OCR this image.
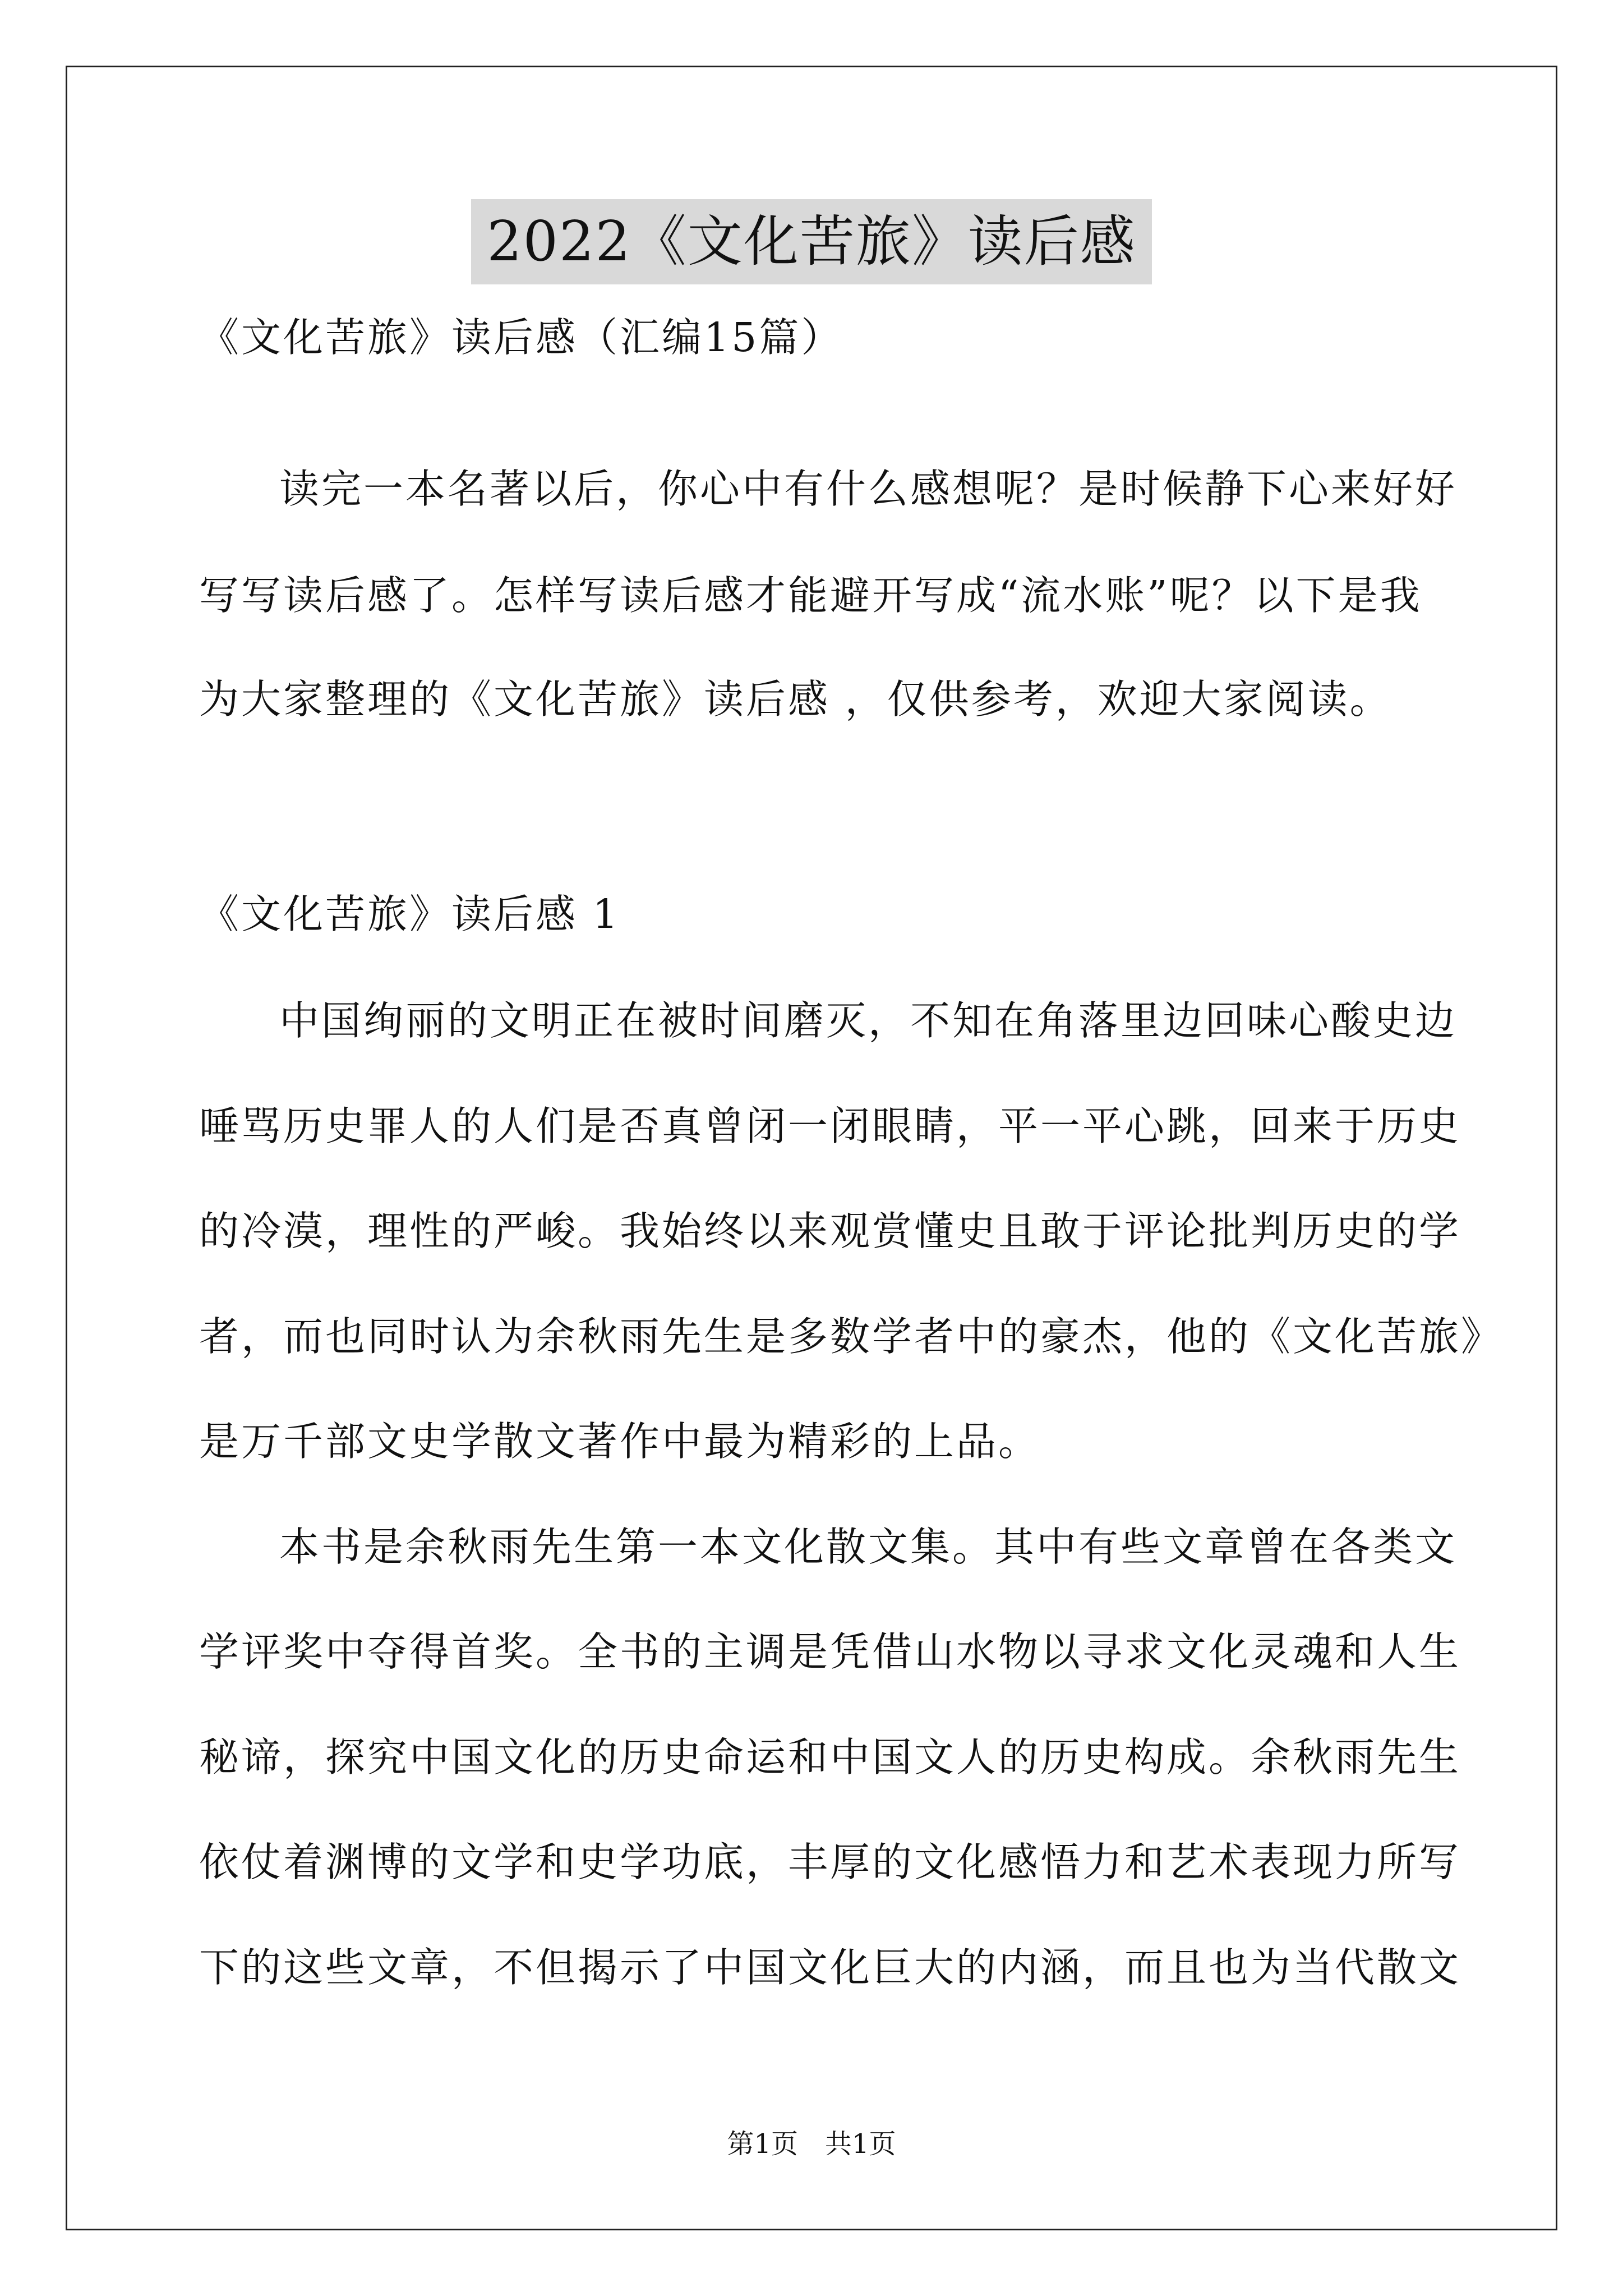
2022《文化苦旅》读后感
《文化苦旅》读后感（汇编15篇）
读完一本名著以后，你心中有什么感想呢？是时候静下心来好好
写写读后感了。怎样写读后感才能避开写成“流水账”呢？以下是我
为大家整理的《文化苦旅》读后感 ，仅供参考，欢迎大家阅读。
《文化苦旅》读后感 1
中国绚丽的文明正在被时间磨灭，不知在角落里边回味心酸史边
唾骂历史罪人的人们是否真曾闭一闭眼睛，平一平心跳，回来于历史
的冷漠，理性的严峻。我始终以来观赏懂史且敢于评论批判历史的学
者，而也同时认为余秋雨先生是多数学者中的豪杰，他的《文化苦旅》
是万千部文史学散文著作中最为精彩的上品。
本书是余秋雨先生第一本文化散文集。其中有些文章曾在各类文
学评奖中夺得首奖。全书的主调是凭借山水物以寻求文化灵魂和人生
秘谛，探究中国文化的历史命运和中国文人的历史构成。余秋雨先生
依仗着渊博的文学和史学功底，丰厚的文化感悟力和艺术表现力所写
下的这些文章，不但揭示了中国文化巨大的内涵，而且也为当代散文
第1页　共1页
